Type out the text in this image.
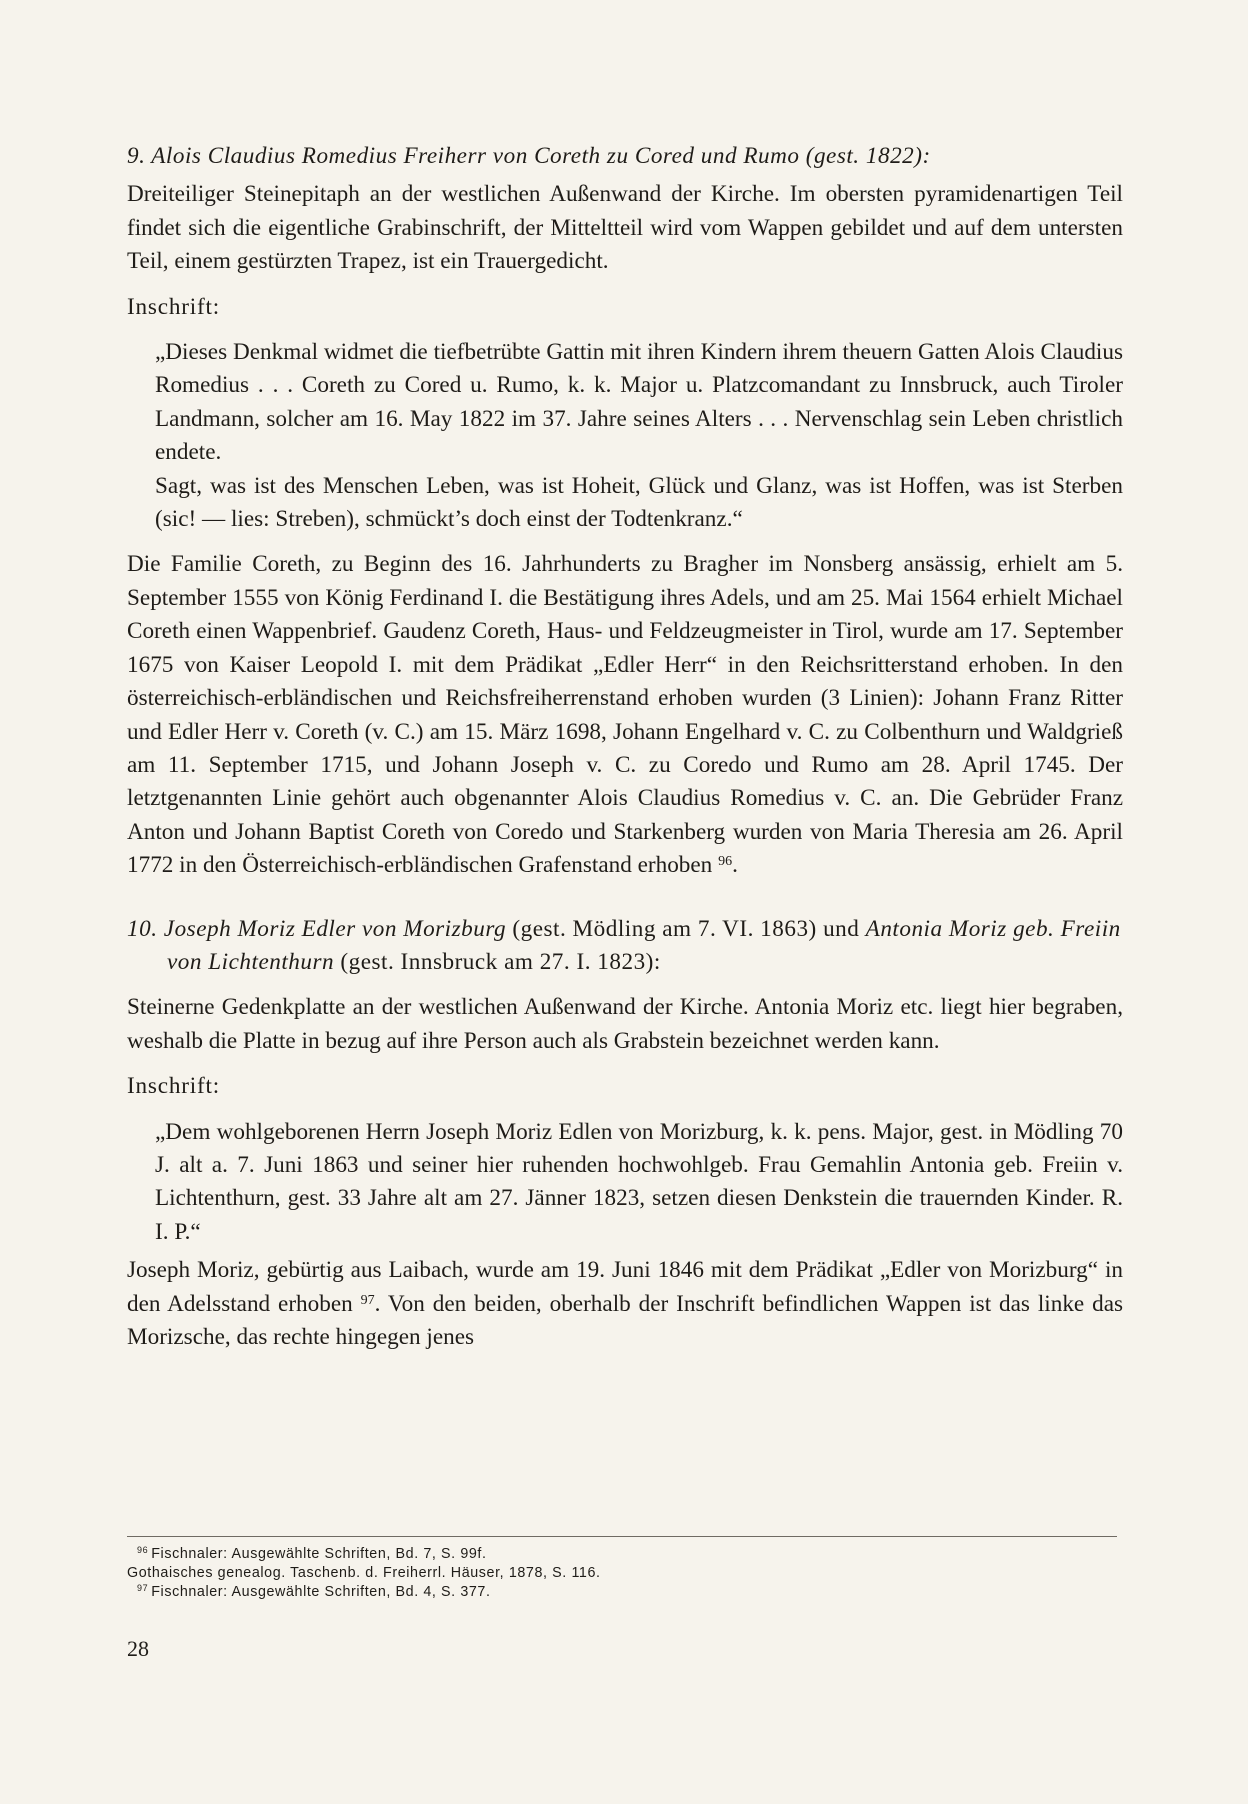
9. Alois Claudius Romedius Freiherr von Coreth zu Cored und Rumo (gest. 1822):

Dreiteiliger Steinepitaph an der westlichen Außenwand der Kirche. Im obersten pyramidenartigen Teil findet sich die eigentliche Grabinschrift, der Mitteltteil wird vom Wappen gebildet und auf dem untersten Teil, einem gestürzten Trapez, ist ein Trauergedicht.

Inschrift:

„Dieses Denkmal widmet die tiefbetrübte Gattin mit ihren Kindern ihrem theuern Gatten Alois Claudius Romedius . . . Coreth zu Cored u. Rumo, k. k. Major u. Platzcomandant zu Innsbruck, auch Tiroler Landmann, solcher am 16. May 1822 im 37. Jahre seines Alters . . . Nervenschlag sein Leben christlich endete.

Sagt, was ist des Menschen Leben, was ist Hoheit, Glück und Glanz, was ist Hoffen, was ist Sterben (sic! — lies: Streben), schmückt’s doch einst der Todtenkranz.“

Die Familie Coreth, zu Beginn des 16. Jahrhunderts zu Bragher im Nonsberg ansässig, erhielt am 5. September 1555 von König Ferdinand I. die Bestätigung ihres Adels, und am 25. Mai 1564 erhielt Michael Coreth einen Wappenbrief. Gaudenz Coreth, Haus- und Feldzeugmeister in Tirol, wurde am 17. September 1675 von Kaiser Leopold I. mit dem Prädikat „Edler Herr“ in den Reichsritterstand erhoben. In den österreichisch-erbländischen und Reichsfreiherrenstand erhoben wurden (3 Linien): Johann Franz Ritter und Edler Herr v. Coreth (v. C.) am 15. März 1698, Johann Engelhard v. C. zu Colbenthurn und Waldgrieß am 11. September 1715, und Johann Joseph v. C. zu Coredo und Rumo am 28. April 1745. Der letztgenannten Linie gehört auch obgenannter Alois Claudius Romedius v. C. an. Die Gebrüder Franz Anton und Johann Baptist Coreth von Coredo und Starkenberg wurden von Maria Theresia am 26. April 1772 in den Österreichisch-erbländischen Grafenstand erhoben $^{96}$.

10. Joseph Moriz Edler von Morizburg (gest. Mödling am 7. VI. 1863) und Antonia Moriz geb. Freiin von Lichtenthurn (gest. Innsbruck am 27. I. 1823):

Steinerne Gedenkplatte an der westlichen Außenwand der Kirche. Antonia Moriz etc. liegt hier begraben, weshalb die Platte in bezug auf ihre Person auch als Grabstein bezeichnet werden kann.

Inschrift:

„Dem wohlgeborenen Herrn Joseph Moriz Edlen von Morizburg, k. k. pens. Major, gest. in Mödling 70 J. alt a. 7. Juni 1863 und seiner hier ruhenden hochwohlgeb. Frau Gemahlin Antonia geb. Freiin v. Lichtenthurn, gest. 33 Jahre alt am 27. Jänner 1823, setzen diesen Denkstein die trauernden Kinder. R. I. P.“

Joseph Moriz, gebürtig aus Laibach, wurde am 19. Juni 1846 mit dem Prädikat „Edler von Morizburg“ in den Adelsstand erhoben $^{97}$. Von den beiden, oberhalb der Inschrift befindlichen Wappen ist das linke das Morizsche, das rechte hingegen jenes

$^{96}$ Fischnaler: Ausgewählte Schriften, Bd. 7, S. 99f.
Gothaisches genealog. Taschenb. d. Freiherrl. Häuser, 1878, S. 116.
$^{97}$ Fischnaler: Ausgewählte Schriften, Bd. 4, S. 377.
28
